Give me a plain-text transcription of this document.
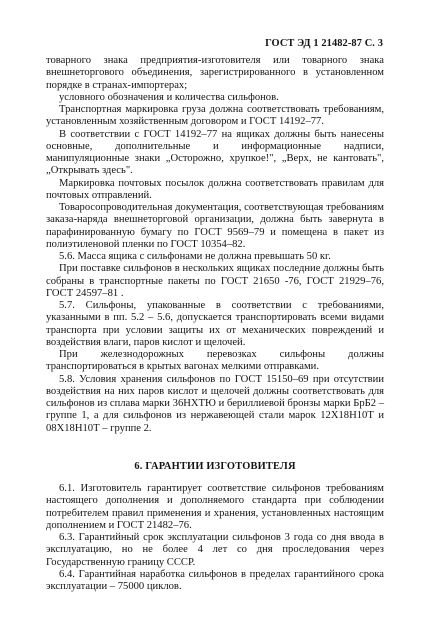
ГОСТ ЭД 1 21482-87 С. 3

товарного знака предприятия-изготовителя или товарного знака внешнеторгового объединения, зарегистрированного в установленном порядке в странах-импортерах;

условного обозначения и количества сильфонов.

Транспортная маркировка груза должна соответствовать требованиям, установленным хозяйственным договором и ГОСТ 14192–77.

В соответствии с ГОСТ 14192–77 на ящиках должны быть нанесены основные, дополнительные и информационные надписи, манипуляционные знаки „Осторожно, хрупкое!", „Верх, не кантовать", „Открывать здесь".

Маркировка почтовых посылок должна соответствовать правилам для почтовых отправлений.

Товаросопроводительная документация, соответствующая требованиям заказа-наряда внешнеторговой организации, должна быть завернута в парафинированную бумагу по ГОСТ 9569–79 и помещена в пакет из полиэтиленовой пленки по ГОСТ 10354–82.

5.6. Масса ящика с сильфонами не должна превышать 50 кг.

При поставке сильфонов в нескольких ящиках последние должны быть собраны в транспортные пакеты по ГОСТ 21650 -76, ГОСТ 21929–76, ГОСТ 24597–81 .

5.7. Сильфоны, упакованные в соответствии с требованиями, указанными в пп. 5.2 – 5.6, допускается транспортировать всеми видами транспорта при условии защиты их от механических повреждений и воздействия влаги, паров кислот и щелочей.

При железнодорожных перевозках сильфоны должны транспортироваться в крытых вагонах мелкими отправками.

5.8. Условия хранения сильфонов по ГОСТ 15150–69 при отсутствии воздействия на них паров кислот и щелочей должны соответствовать для сильфонов из сплава марки 36НХТЮ и бериллиевой бронзы марки БрБ2 – группе 1, а для сильфонов из нержавеющей стали марок 12Х18Н10Т и 08Х18Н10Т – группе 2.

6. ГАРАНТИИ ИЗГОТОВИТЕЛЯ

6.1. Изготовитель гарантирует соответствие сильфонов требованиям настоящего дополнения и дополняемого стандарта при соблюдении потребителем правил применения и хранения, установленных настоящим дополнением и ГОСТ 21482–76.

6.3. Гарантийный срок эксплуатации сильфонов 3 года со дня ввода в эксплуатацию, но не более 4 лет со дня проследования через Государственную границу СССР.

6.4. Гарантийная наработка сильфонов в пределах гарантийного срока эксплуатации – 75000 циклов.
